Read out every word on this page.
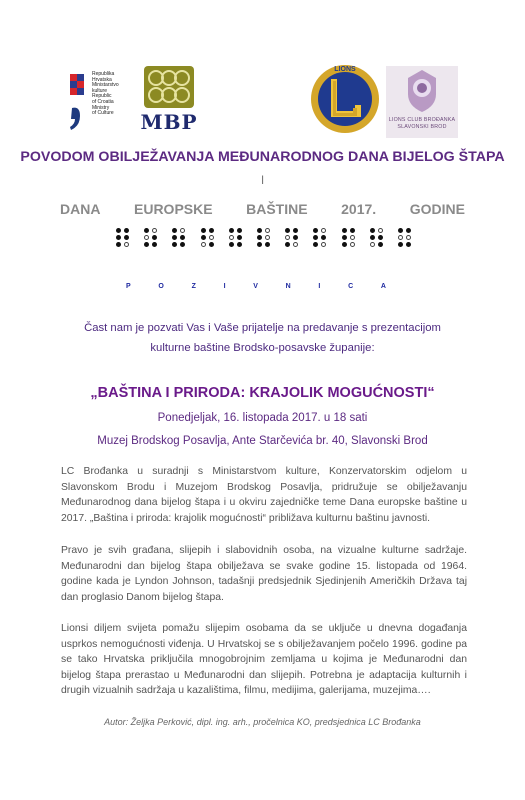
Republika
Hrvatska
Ministarstvo
kulture
Republic
of Croatia
Ministry
of Culture	MBP
LIONS
LIONS CLUB BROĐANKA
SLAVONSKI BROD
POVODOM OBILJEŽAVANJA MEĐUNARODNOG DANA BIJELOG ŠTAPA
I
DANA EUROPSKE BAŠTINE 2017. GODINE
P	O	Z	I	V	N	I	C	A
Čast nam je pozvati Vas i Vaše prijatelje na predavanje s prezentacijom
kulturne baštine Brodsko-posavske županije:
„BAŠTINA I PRIRODA: KRAJOLIK MOGUĆNOSTI“
Ponedjeljak, 16. listopada 2017. u 18 sati
Muzej Brodskog Posavlja, Ante Starčevića br. 40, Slavonski Brod
LC Brođanka u suradnji s Ministarstvom kulture, Konzervatorskim odjelom u Slavonskom Brodu i Muzejom Brodskog Posavlja, pridružuje se obilježavanju Međunarodnog dana bijelog štapa i u okviru zajedničke teme Dana europske baštine u 2017. „Baština i priroda: krajolik mogućnosti“ približava kulturnu baštinu javnosti.
Pravo je svih građana, slijepih i slabovidnih osoba, na vizualne kulturne sadržaje. Međunarodni dan bijelog štapa obilježava se svake godine 15. listopada od 1964. godine kada je Lyndon Johnson, tadašnji predsjednik Sjedinjenih Američkih Država taj dan proglasio Danom bijelog štapa.
Lionsi diljem svijeta pomažu slijepim osobama da se uključe u dnevna događanja usprkos nemogućnosti viđenja. U Hrvatskoj se s obilježavanjem počelo 1996. godine pa se tako Hrvatska priključila mnogobrojnim zemljama u kojima je Međunarodni dan bijelog štapa prerastao u Međunarodni dan slijepih. Potrebna je adaptacija kulturnih i drugih vizualnih sadržaja u kazalištima, filmu, medijima, galerijama, muzejima….
Autor: Željka Perković, dipl. ing. arh., pročelnica KO, predsjednica LC Brođanka
